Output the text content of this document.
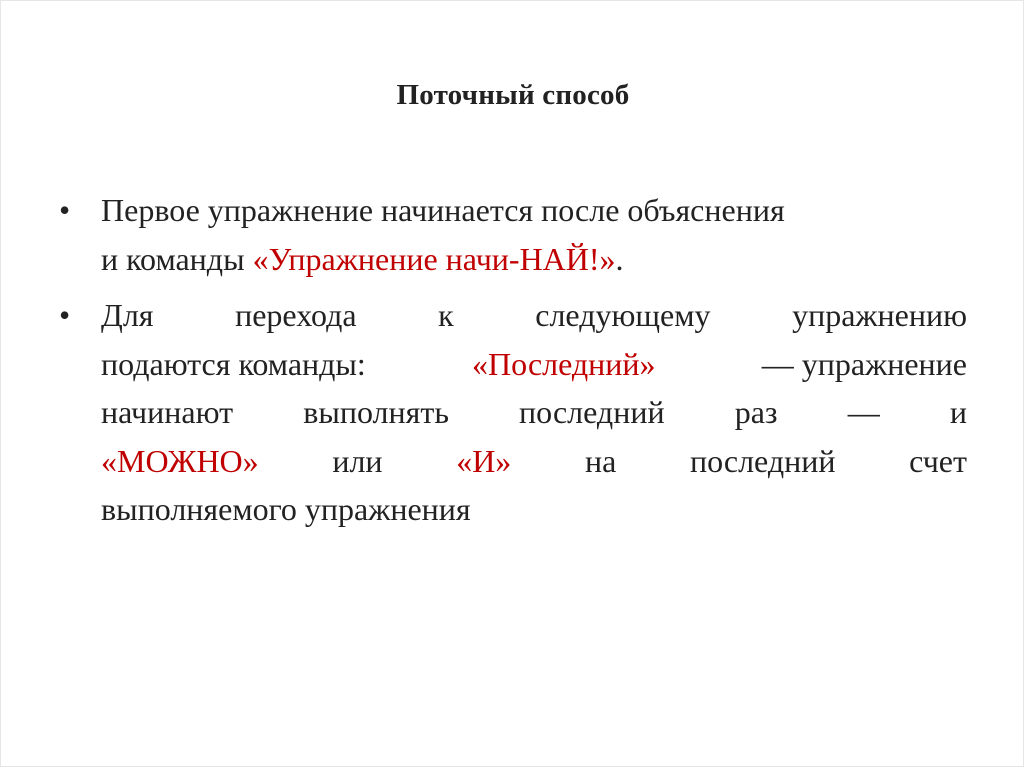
Поточный способ
• Первое упражнение начинается после объяснения
и команды «Упражнение начи-НАЙ!».
• Для	перехода	к	следующему	упражнению
подаются команды:	«Последний»	— упражнение
начинают выполнять последний раз — и
«МОЖНО» или «И» на последний счет
выполняемого упражнения
